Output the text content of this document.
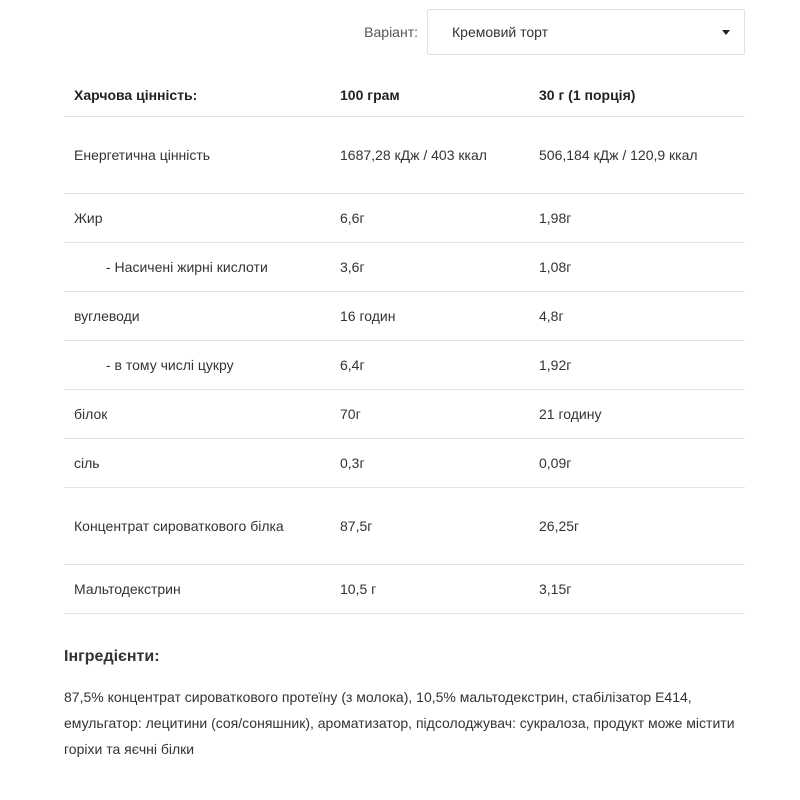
Варіант: Кремовий торт
Харчова цінність:	100 грам	30 г (1 порція)
Енергетична цінність	1687,28 кДж / 403 ккал	506,184 кДж / 120,9 ккал
Жир	6,6г	1,98г
- Насичені жирні кислоти	3,6г	1,08г
вуглеводи	16 годин	4,8г
- в тому числі цукру	6,4г	1,92г
білок	70г	21 годину
сіль	0,3г	0,09г
Концентрат сироваткового білка	87,5г	26,25г
Мальтодекстрин	10,5 г	3,15г
Інгредієнти:

87,5% концентрат сироваткового протеїну (з молока), 10,5% мальтодекстрин, стабілізатор E414, емульгатор: лецитини (соя/соняшник), ароматизатор, підсолоджувач: сукралоза, продукт може містити горіхи та яєчні білки
